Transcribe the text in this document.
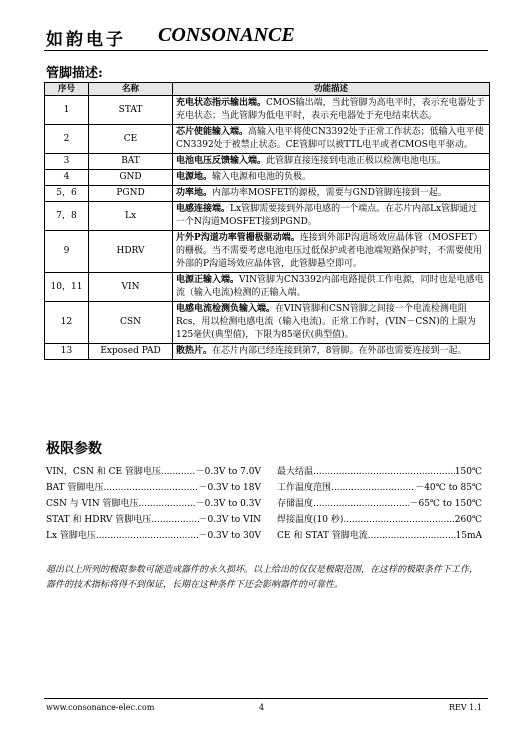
如韵电子 CONSONANCE
管脚描述:
序号	名称	功能描述
1	STAT	充电状态指示输出端。CMOS输出端，当此管脚为高电平时，表示充电器处于充电状态；当此管脚为低电平时，表示充电器处于充电结束状态。
2	CE	芯片使能输入端。高输入电平将使CN3392处于正常工作状态；低输入电平使CN3392处于被禁止状态。CE管脚可以被TTL电平或者CMOS电平驱动。
3	BAT	电池电压反馈输入端。此管脚直接连接到电池正极以检测电池电压。
4	GND	电源地。输入电源和电池的负极。
5，6	PGND	功率地。内部功率MOSFET的源极，需要与GND管脚连接到一起。
7，8	Lx	电感连接端。Lx管脚需要接到外部电感的一个端点。在芯片内部Lx管脚通过一个N沟道MOSFET接到PGND。
9	HDRV	片外P沟道功率管栅极驱动端。连接到外部P沟道场效应晶体管（MOSFET）的栅极。当不需要考虑电池电压过低保护或者电池端短路保护时，不需要使用外部的P沟道场效应晶体管，此管脚悬空即可。
10，11	VIN	电源正输入端。VIN管脚为CN3392内部电路提供工作电源，同时也是电感电流（输入电流)检测的正输入端。
12	CSN	电感电流检测负输入端。在VIN管脚和CSN管脚之间接一个电流检测电阻Rcs，用以检测电感电流（输入电流)。正常工作时，(VIN－CSN)的上限为125毫伏(典型值)，下限为85毫伏(典型值)。
13	Exposed PAD	散热片。在芯片内部已经连接到第7，8管脚。在外部也需要连接到一起。
极限参数
VIN，CSN 和 CE 管脚电压 .....	－0.3V to 7.0V
BAT 管脚电压 .....	－0.3V to 18V
CSN 与 VIN 管脚电压 .....	－0.3V to 0.3V
STAT 和 HDRV 管脚电压 .....	－0.3V to VIN
Lx 管脚电压 .....	－0.3V to 30V
最大结温 .....	150℃
工作温度范围 .....	－40℃ to 85℃
存储温度 .....	－65℃ to 150℃
焊接温度(10 秒) .....	260℃
CE 和 STAT 管脚电流 .....	15mA
超出以上所列的极限参数可能造成器件的永久损坏。以上给出的仅仅是极限范围，在这样的极限条件下工作，器件的技术指标将得不到保证，长期在这种条件下还会影响器件的可靠性。
www.consonance-elec.com	4	REV 1.1
